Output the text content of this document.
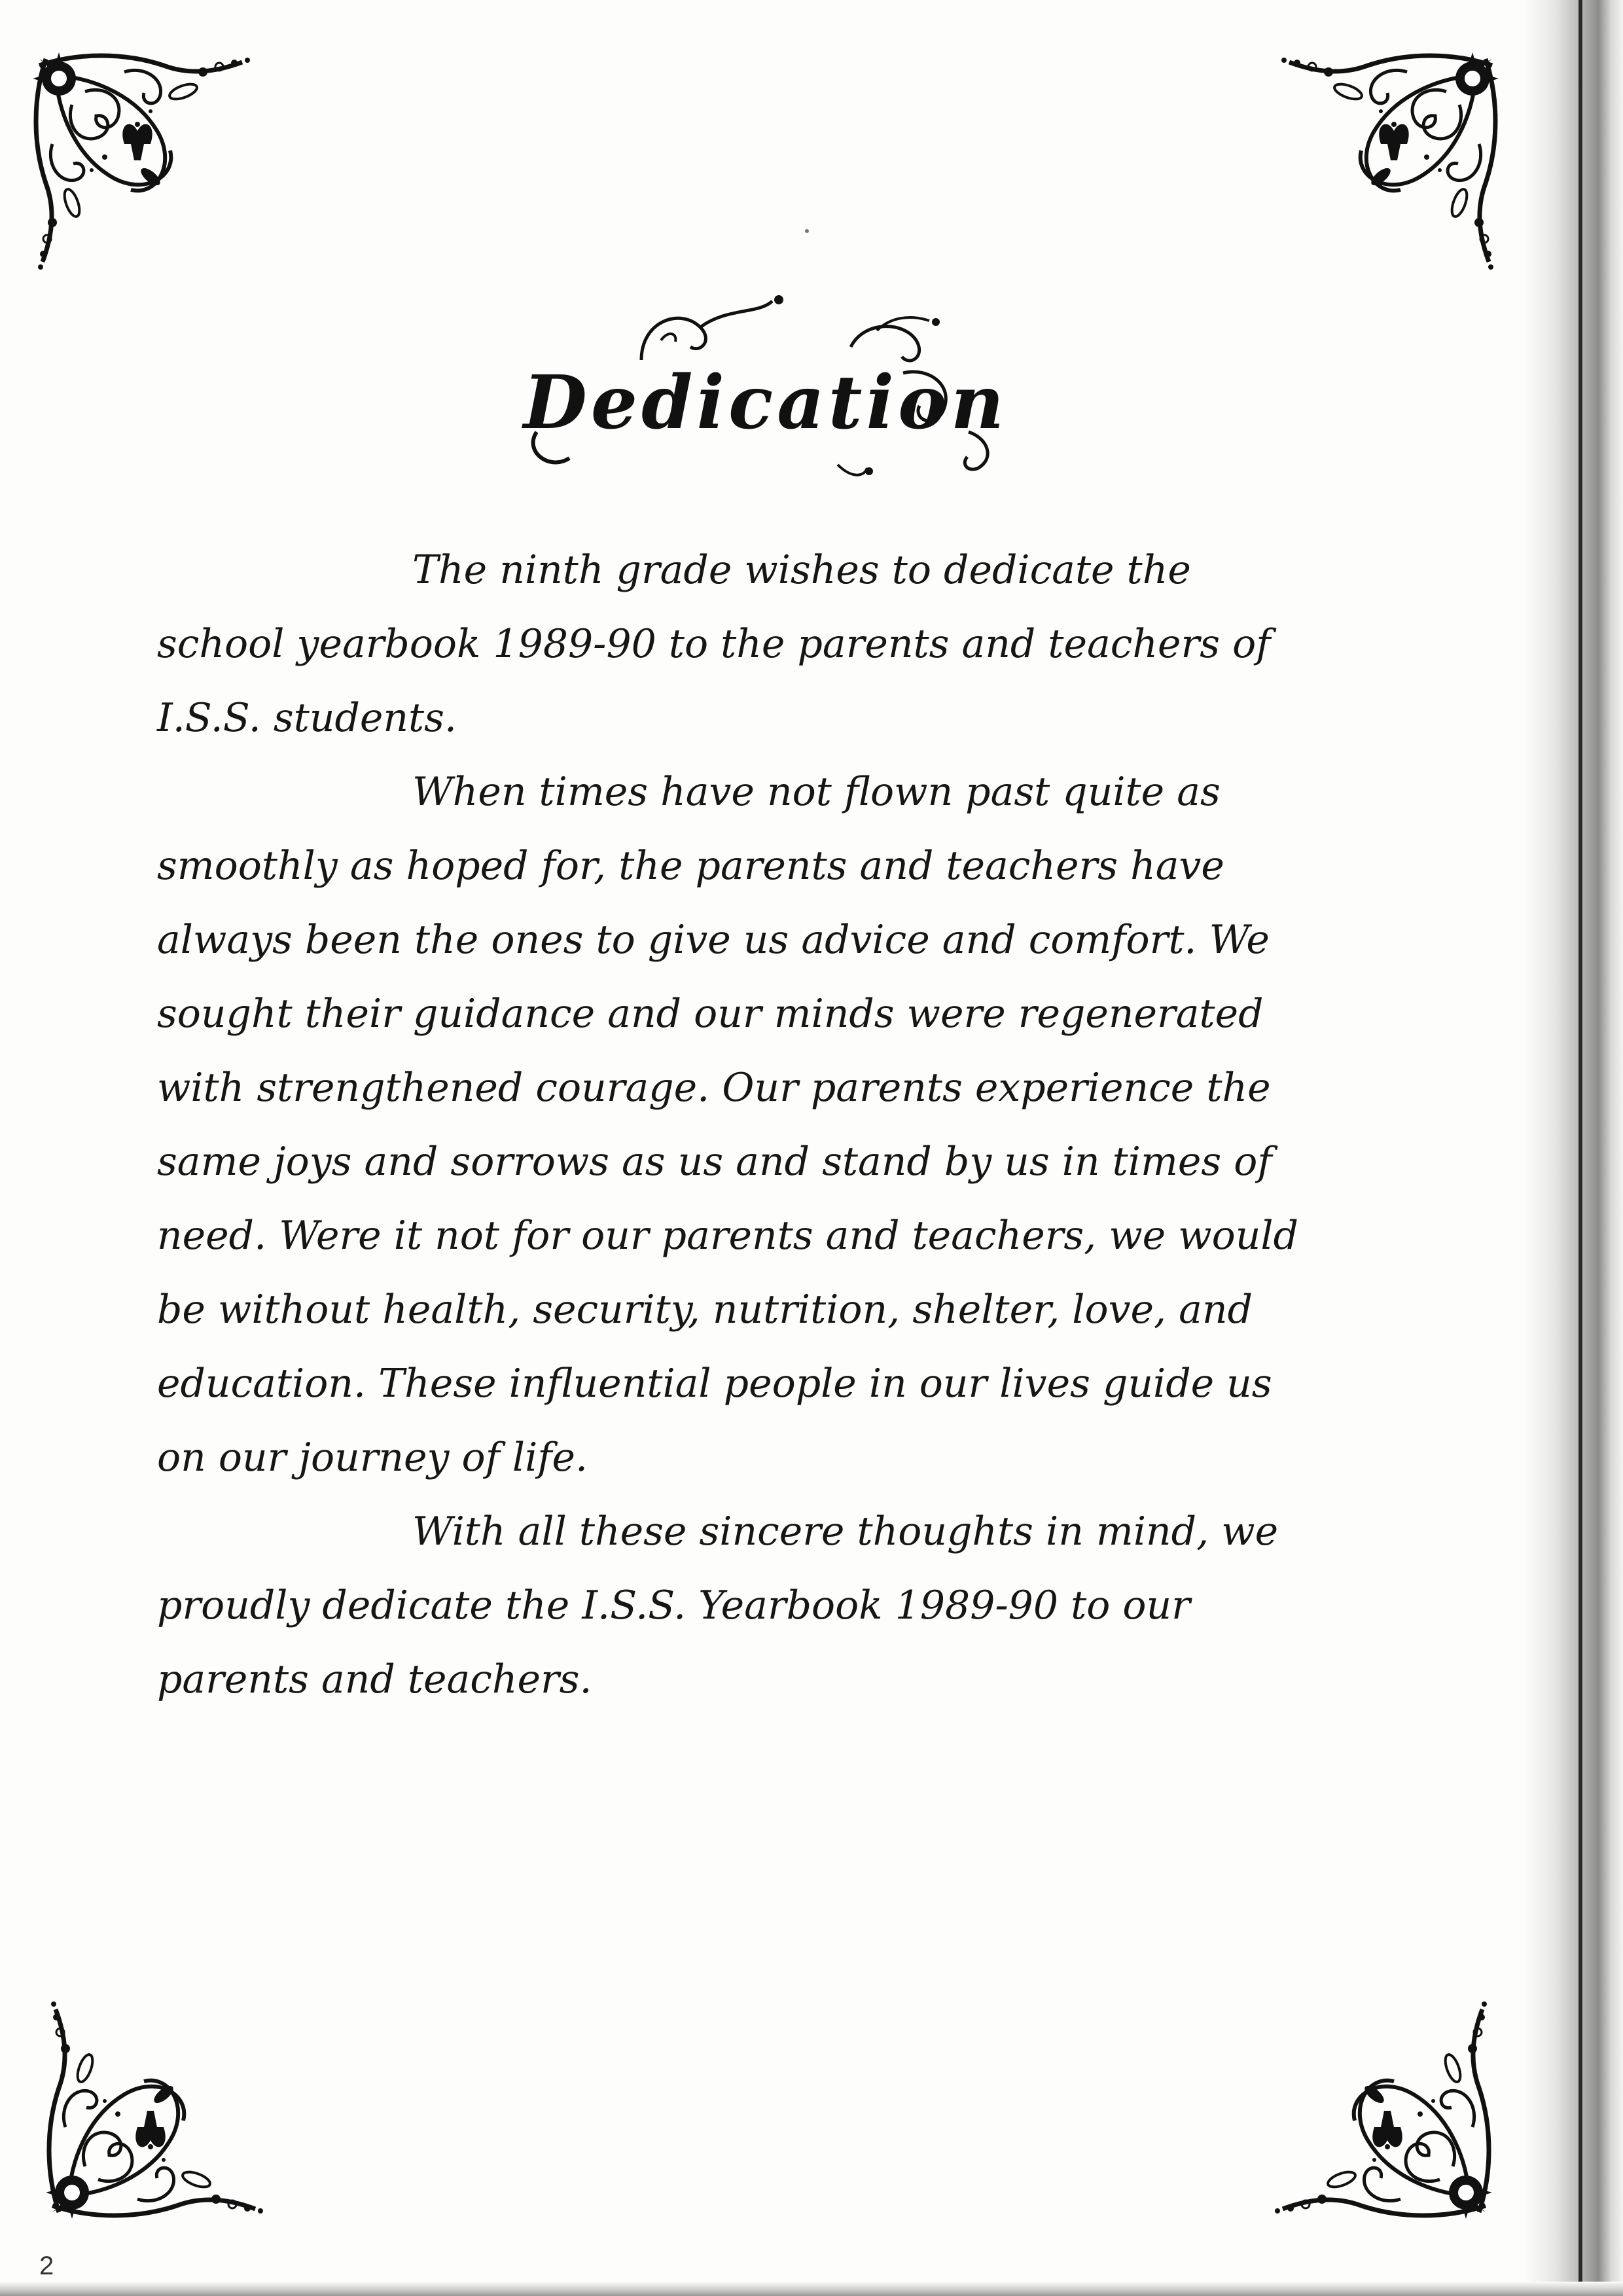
Dedication

The ninth grade wishes to dedicate the school yearbook 1989-90 to the parents and teachers of I.S.S. students.

When times have not flown past quite as smoothly as hoped for, the parents and teachers have always been the ones to give us advice and comfort. We sought their guidance and our minds were regenerated with strengthened courage. Our parents experience the same joys and sorrows as us and stand by us in times of need. Were it not for our parents and teachers, we would be without health, security, nutrition, shelter, love, and education. These influential people in our lives guide us on our journey of life.

With all these sincere thoughts in mind, we proudly dedicate the I.S.S. Yearbook 1989-90 to our parents and teachers.

2
